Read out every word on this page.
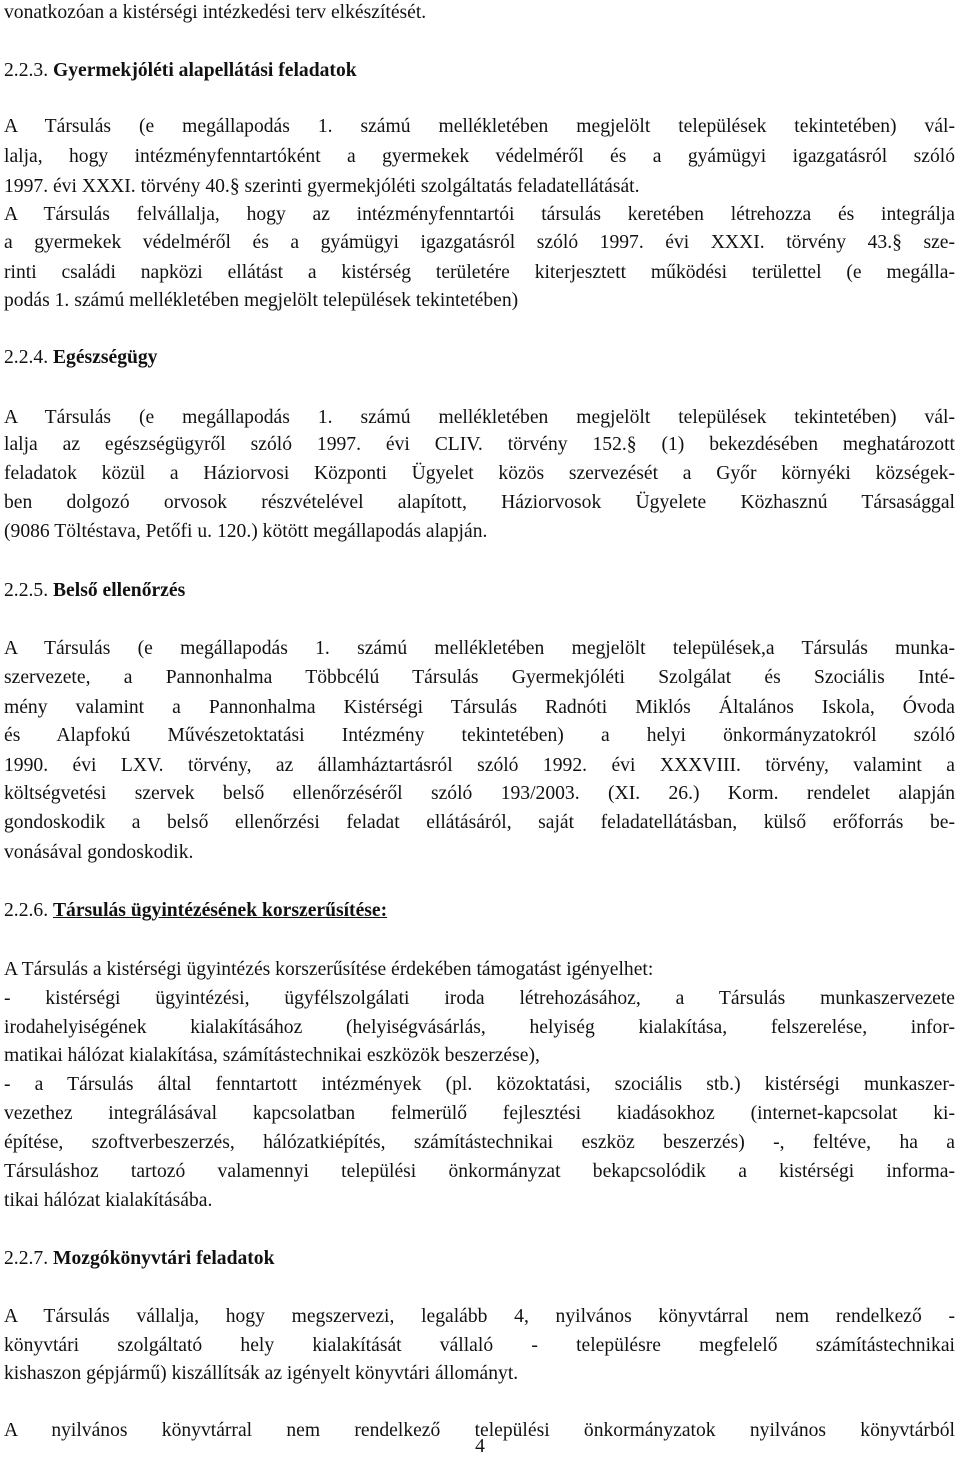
vonatkozóan a kistérségi intézkedési terv elkészítését.
2.2.3. Gyermekjóléti alapellátási feladatok
A Társulás (e megállapodás 1. számú mellékletében megjelölt települések tekintetében) vál-
lalja, hogy intézményfenntartóként a gyermekek védelméről és a gyámügyi igazgatásról szóló
1997. évi XXXI. törvény 40.§ szerinti gyermekjóléti szolgáltatás feladatellátását.
A Társulás felvállalja, hogy az intézményfenntartói társulás keretében létrehozza és integrálja
a gyermekek védelméről és a gyámügyi igazgatásról szóló 1997. évi XXXI. törvény 43.§ sze-
rinti családi napközi ellátást a kistérség területére kiterjesztett működési területtel (e megálla-
podás 1. számú mellékletében megjelölt települések tekintetében)
2.2.4. Egészségügy
A Társulás (e megállapodás 1. számú mellékletében megjelölt települések tekintetében) vál-
lalja az egészségügyről szóló 1997. évi CLIV. törvény 152.§ (1) bekezdésében meghatározott
feladatok közül a Háziorvosi Központi Ügyelet közös szervezését a Győr környéki községek-
ben dolgozó orvosok részvételével alapított, Háziorvosok Ügyelete Közhasznú Társasággal
(9086 Töltéstava, Petőfi u. 120.) kötött megállapodás alapján.
2.2.5. Belső ellenőrzés
A Társulás (e megállapodás 1. számú mellékletében megjelölt települések,a Társulás munka-
szervezete, a Pannonhalma Többcélú Társulás Gyermekjóléti Szolgálat és Szociális Inté-
mény valamint a Pannonhalma Kistérségi Társulás Radnóti Miklós Általános Iskola, Óvoda
és Alapfokú Művészetoktatási Intézmény tekintetében) a helyi önkormányzatokról szóló
1990. évi LXV. törvény, az államháztartásról szóló 1992. évi XXXVIII. törvény, valamint a
költségvetési szervek belső ellenőrzéséről szóló 193/2003. (XI. 26.) Korm. rendelet alapján
gondoskodik a belső ellenőrzési feladat ellátásáról, saját feladatellátásban, külső erőforrás be-
vonásával gondoskodik.
2.2.6. Társulás ügyintézésének korszerűsítése:
A Társulás a kistérségi ügyintézés korszerűsítése érdekében támogatást igényelhet:
- kistérségi ügyintézési, ügyfélszolgálati iroda létrehozásához, a Társulás munkaszervezete
irodahelyiségének kialakításához (helyiségvásárlás, helyiség kialakítása, felszerelése, infor-
matikai hálózat kialakítása, számítástechnikai eszközök beszerzése),
- a Társulás által fenntartott intézmények (pl. közoktatási, szociális stb.) kistérségi munkaszer-
vezethez integrálásával kapcsolatban felmerülő fejlesztési kiadásokhoz (internet-kapcsolat ki-
építése, szoftverbeszerzés, hálózatkiépítés, számítástechnikai eszköz beszerzés) -, feltéve, ha a
Társuláshoz tartozó valamennyi települési önkormányzat bekapcsolódik a kistérségi informa-
tikai hálózat kialakításába.
2.2.7. Mozgókönyvtári feladatok
A Társulás vállalja, hogy megszervezi, legalább 4, nyilvános könyvtárral nem rendelkező -
könyvtári szolgáltató hely kialakítását vállaló - településre megfelelő számítástechnikai
kishaszon gépjármű) kiszállítsák az igényelt könyvtári állományt.
A nyilvános könyvtárral nem rendelkező települési önkormányzatok nyilvános könyvtárból
4
